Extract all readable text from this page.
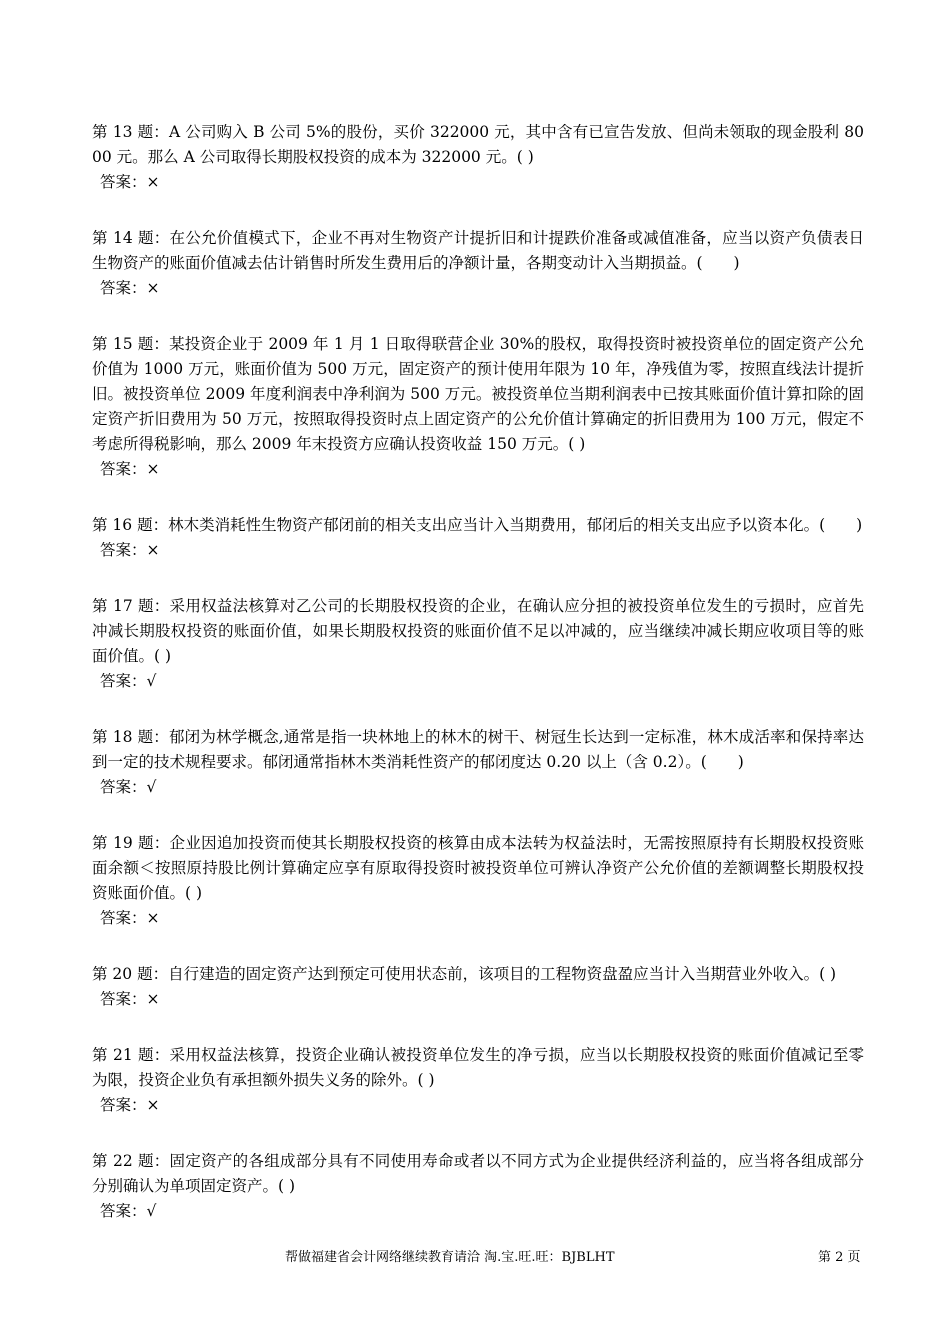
第 13 题：A 公司购入 B 公司 5%的股份，买价 322000 元，其中含有已宣告发放、但尚未领取的现金股利 8000 元。那么 A 公司取得长期股权投资的成本为 322000 元。( )

答案：×

第 14 题：在公允价值模式下，企业不再对生物资产计提折旧和计提跌价准备或减值准备，应当以资产负债表日生物资产的账面价值减去估计销售时所发生费用后的净额计量，各期变动计入当期损益。(　　)

答案：×

第 15 题：某投资企业于 2009 年 1 月 1 日取得联营企业 30%的股权，取得投资时被投资单位的固定资产公允价值为 1000 万元，账面价值为 500 万元，固定资产的预计使用年限为 10 年，净残值为零，按照直线法计提折旧。被投资单位 2009 年度利润表中净利润为 500 万元。被投资单位当期利润表中已按其账面价值计算扣除的固定资产折旧费用为 50 万元，按照取得投资时点上固定资产的公允价值计算确定的折旧费用为 100 万元，假定不考虑所得税影响，那么 2009 年末投资方应确认投资收益 150 万元。( )

答案：×

第 16 题：林木类消耗性生物资产郁闭前的相关支出应当计入当期费用，郁闭后的相关支出应予以资本化。(　　)

答案：×

第 17 题：采用权益法核算对乙公司的长期股权投资的企业，在确认应分担的被投资单位发生的亏损时，应首先冲减长期股权投资的账面价值，如果长期股权投资的账面价值不足以冲减的，应当继续冲减长期应收项目等的账面价值。( )

答案：√

第 18 题：郁闭为林学概念,通常是指一块林地上的林木的树干、树冠生长达到一定标准，林木成活率和保持率达到一定的技术规程要求。郁闭通常指林木类消耗性资产的郁闭度达 0.20 以上（含 0.2）。(　　)

答案：√

第 19 题：企业因追加投资而使其长期股权投资的核算由成本法转为权益法时，无需按照原持有长期股权投资账面余额＜按照原持股比例计算确定应享有原取得投资时被投资单位可辨认净资产公允价值的差额调整长期股权投资账面价值。( )

答案：×

第 20 题：自行建造的固定资产达到预定可使用状态前，该项目的工程物资盘盈应当计入当期营业外收入。( )

答案：×

第 21 题：采用权益法核算，投资企业确认被投资单位发生的净亏损，应当以长期股权投资的账面价值减记至零为限，投资企业负有承担额外损失义务的除外。( )

答案：×

第 22 题：固定资产的各组成部分具有不同使用寿命或者以不同方式为企业提供经济利益的，应当将各组成部分分别确认为单项固定资产。( )

答案：√

帮做福建省会计网络继续教育请洽 淘.宝.旺.旺：BJBLHT	第 2 页
